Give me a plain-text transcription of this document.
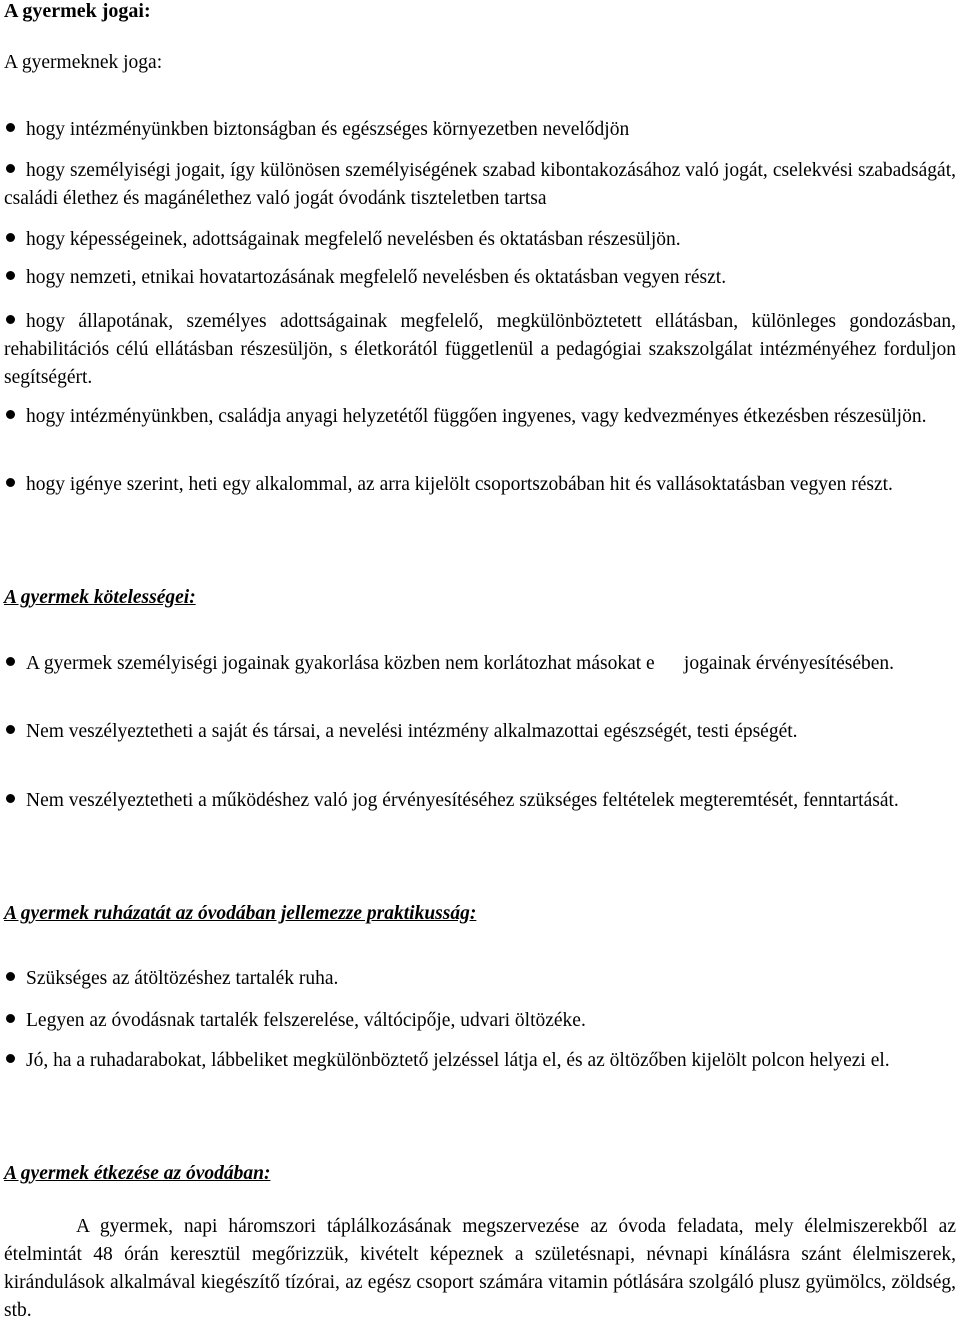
A gyermek jogai:

A gyermeknek joga:

hogy intézményünkben biztonságban és egészséges környezetben nevelődjön

hogy személyiségi jogait, így különösen személyiségének szabad kibontakozásához való jogát, cselekvési szabadságát, családi élethez és magánélethez való jogát óvodánk tiszteletben tartsa

hogy képességeinek, adottságainak megfelelő nevelésben és oktatásban részesüljön.

hogy nemzeti, etnikai hovatartozásának megfelelő nevelésben és oktatásban vegyen részt.

hogy állapotának, személyes adottságainak megfelelő, megkülönböztetett ellátásban, különleges gondozásban, rehabilitációs célú ellátásban részesüljön, s életkorától függetlenül a pedagógiai szakszolgálat intézményéhez forduljon segítségért.

hogy intézményünkben, családja anyagi helyzetétől függően ingyenes, vagy kedvezményes étkezésben részesüljön.

hogy igénye szerint, heti egy alkalommal, az arra kijelölt csoportszobában hit és vallásoktatásban vegyen részt.

A gyermek kötelességei:

A gyermek személyiségi jogainak gyakorlása közben nem korlátozhat másokat e      jogainak érvényesítésében.

Nem veszélyeztetheti a saját és társai, a nevelési intézmény alkalmazottai egészségét, testi épségét.

Nem veszélyeztetheti a működéshez való jog érvényesítéséhez szükséges feltételek megteremtését, fenntartását.

A gyermek ruházatát az óvodában jellemezze praktikusság:

Szükséges az átöltözéshez tartalék ruha.

Legyen az óvodásnak tartalék felszerelése, váltócipője, udvari öltözéke.

Jó, ha a ruhadarabokat, lábbeliket megkülönböztető jelzéssel látja el, és az öltözőben kijelölt polcon helyezi el.

A gyermek étkezése az óvodában:

A gyermek, napi háromszori táplálkozásának megszervezése az óvoda feladata, mely élelmiszerekből az ételmintát 48 órán keresztül megőrizzük, kivételt képeznek a születésnapi, névnapi kínálásra szánt élelmiszerek, kirándulások alkalmával kiegészítő tízórai, az egész csoport számára vitamin pótlására szolgáló plusz gyümölcs, zöldség, stb.
